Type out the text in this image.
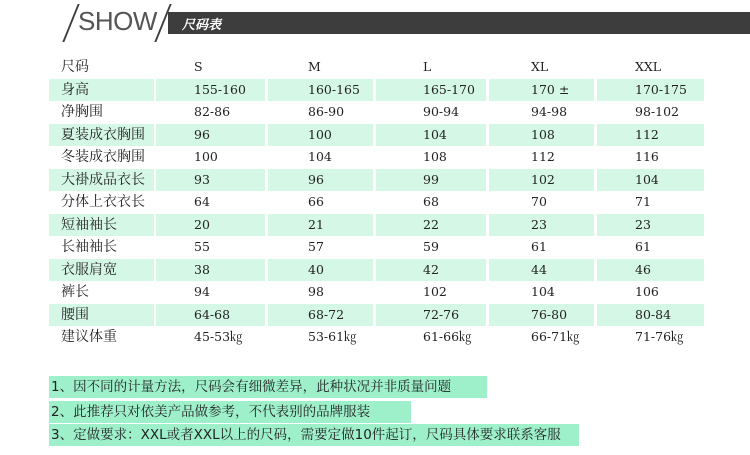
SHOW 尺码表
尺码
身高
净胸围
夏装成衣胸围
冬装成衣胸围
大褂成品衣长
分体上衣衣长
短袖袖长
长袖袖长
衣服肩宽
裤长
腰围
建议体重
S
155-160
82-86
96
100
93
64
20
55
38
94
64-68
45-53㎏
M
160-165
86-90
100
104
96
66
21
57
40
98
68-72
53-61㎏
L
165-170
90-94
104
108
99
68
22
59
42
102
72-76
61-66㎏
XL
170 ±
94-98
108
112
102
70
23
61
44
104
76-80
66-71㎏
XXL
170-175
98-102
112
116
104
71
23
61
46
106
80-84
71-76㎏
1、因不同的计量方法，尺码会有细微差异，此种状况并非质量问题
2、此推荐只对依美产品做参考，不代表别的品牌服装
3、定做要求：XXL或者XXL以上的尺码，需要定做10件起订，尺码具体要求联系客服
